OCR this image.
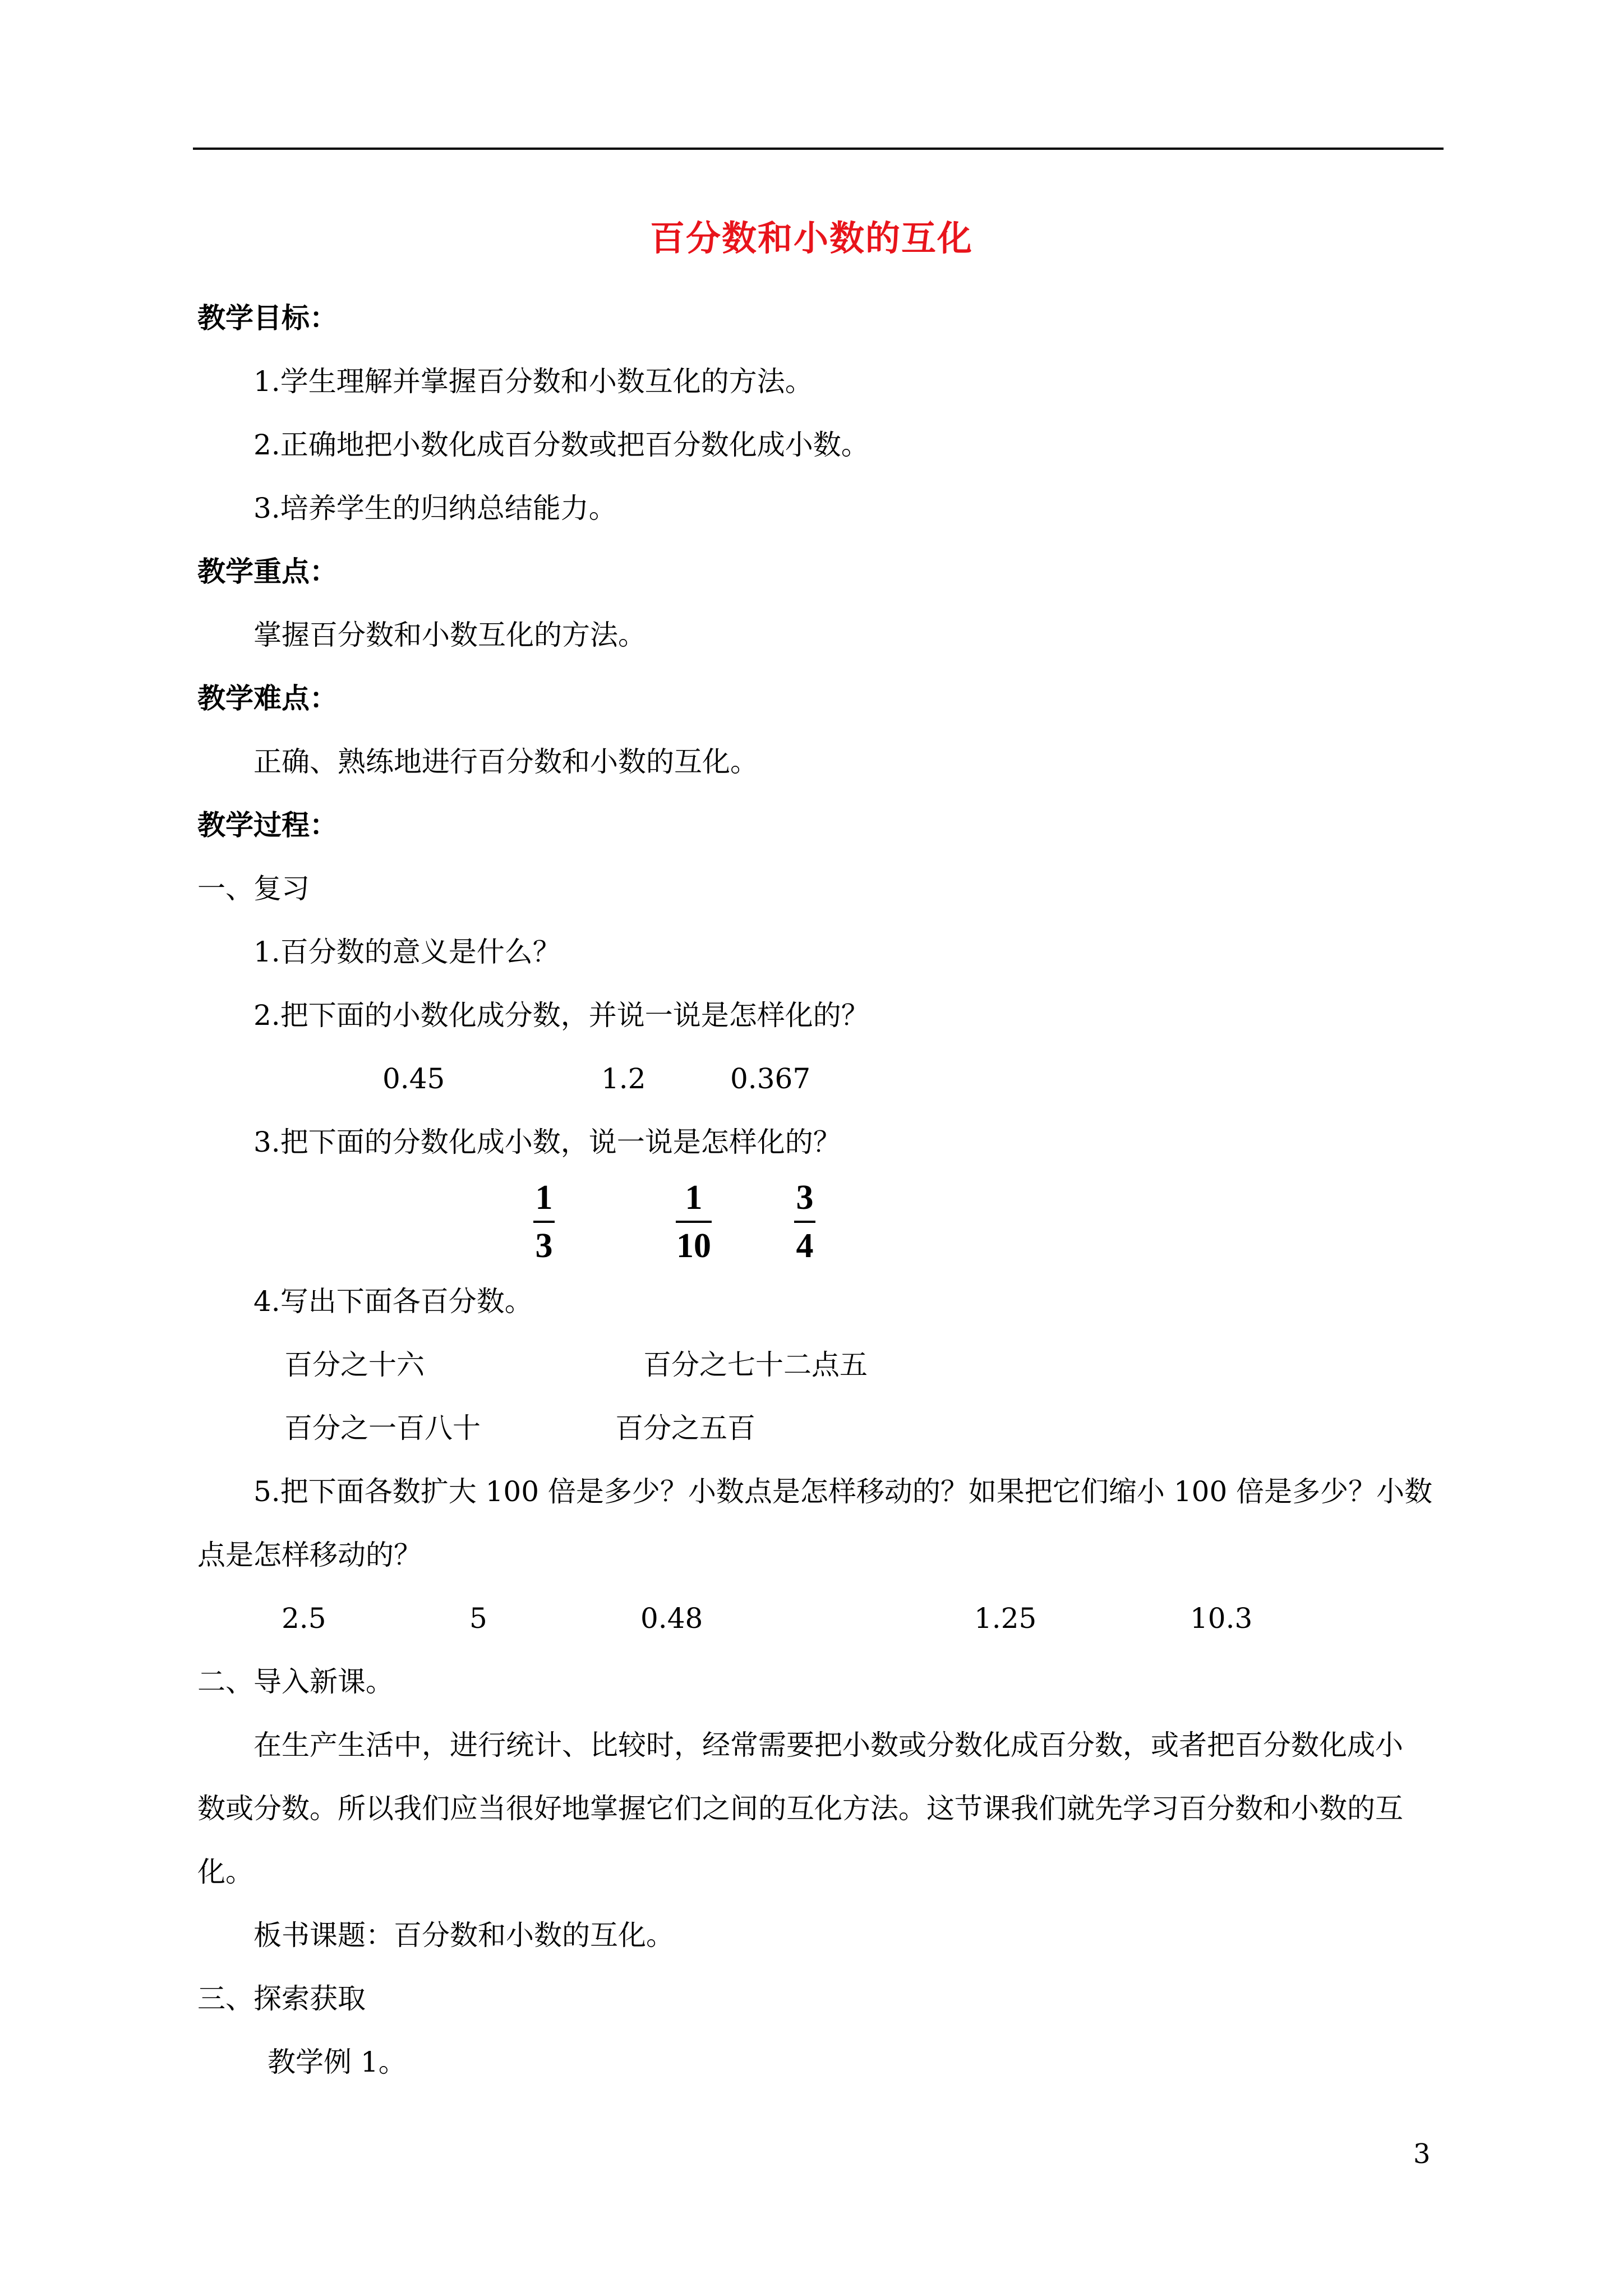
百分数和小数的互化
教学目标：
1.学生理解并掌握百分数和小数互化的方法。
2.正确地把小数化成百分数或把百分数化成小数。
3.培养学生的归纳总结能力。
教学重点：
掌握百分数和小数互化的方法。
教学难点：
正确、熟练地进行百分数和小数的互化。
教学过程：
一、复习
1.百分数的意义是什么？
2.把下面的小数化成分数，并说一说是怎样化的？
0.45	1.2	0.367
3.把下面的分数化成小数，说一说是怎样化的？
1
3
1
10
3
4
4.写出下面各百分数。
百分之十六	百分之七十二点五
百分之一百八十	百分之五百
5.把下面各数扩大 100 倍是多少？小数点是怎样移动的？如果把它们缩小 100 倍是多少？小数
点是怎样移动的？
2.5	5	0.48	1.25	10.3
二、导入新课。
在生产生活中，进行统计、比较时，经常需要把小数或分数化成百分数，或者把百分数化成小
数或分数。所以我们应当很好地掌握它们之间的互化方法。这节课我们就先学习百分数和小数的互
化。
板书课题：百分数和小数的互化。
三、探索获取
教学例 1。
3
